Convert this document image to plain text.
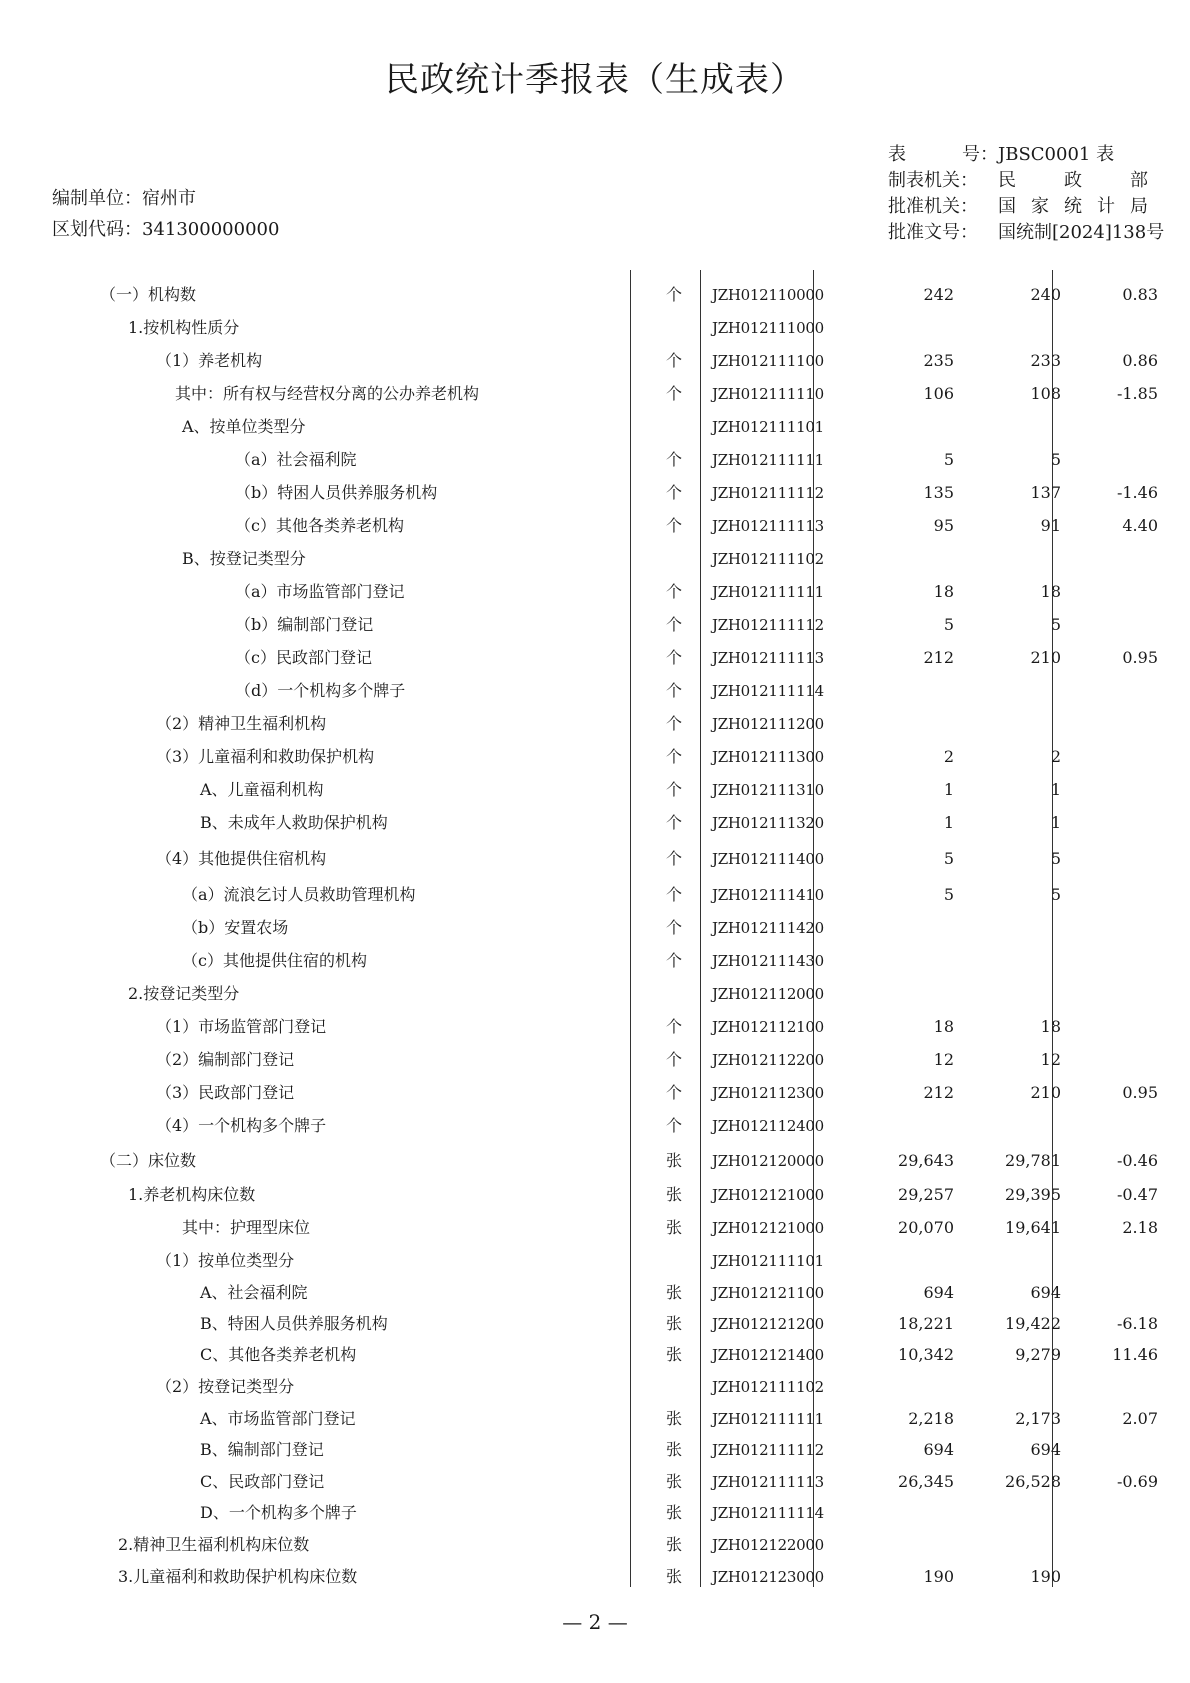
民政统计季报表（生成表）
编制单位：宿州市
区划代码：341300000000
表	号： JBSC0001 表
制表机关：	民	政	部
批准机关：	国 家 统 计 局
批准文号：	国统制[2024]138号
（一）机构数	个 JZH012110000	242	240	0.83
1.按机构性质分	JZH012111000
（1）养老机构	个 JZH012111100	235	233	0.86
其中：所有权与经营权分离的公办养老机构	个 JZH012111110	106	108	-1.85
A、按单位类型分	JZH012111101
（a）社会福利院	个 JZH012111111	5	5
（b）特困人员供养服务机构	个 JZH012111112	135	137	-1.46
（c）其他各类养老机构	个 JZH012111113	95	91	4.40
B、按登记类型分	JZH012111102
（a）市场监管部门登记	个 JZH012111111	18	18
（b）编制部门登记	个 JZH012111112	5	5
（c）民政部门登记	个 JZH012111113	212	210	0.95
（d）一个机构多个牌子	个 JZH012111114
（2）精神卫生福利机构	个 JZH012111200
（3）儿童福利和救助保护机构	个 JZH012111300	2	2
A、儿童福利机构	个 JZH012111310	1	1
B、未成年人救助保护机构	个 JZH012111320	1	1
（4）其他提供住宿机构	个 JZH012111400	5	5
（a）流浪乞讨人员救助管理机构	个 JZH012111410	5	5
（b）安置农场	个 JZH012111420
（c）其他提供住宿的机构	个 JZH012111430
2.按登记类型分	JZH012112000
（1）市场监管部门登记	个 JZH012112100	18	18
（2）编制部门登记	个 JZH012112200	12	12
（3）民政部门登记	个 JZH012112300	212	210	0.95
（4）一个机构多个牌子	个 JZH012112400
（二）床位数	张 JZH012120000	29,643	29,781	-0.46
1.养老机构床位数	张 JZH012121000	29,257	29,395	-0.47
其中：护理型床位	张 JZH012121000	20,070	19,641	2.18
（1）按单位类型分	JZH012111101
A、社会福利院	张 JZH012121100	694	694
B、特困人员供养服务机构	张 JZH012121200	18,221	19,422	-6.18
C、其他各类养老机构	张 JZH012121400	10,342	9,279	11.46
（2）按登记类型分	JZH012111102
A、市场监管部门登记	张 JZH012111111	2,218	2,173	2.07
B、编制部门登记	张 JZH012111112	694	694
C、民政部门登记	张 JZH012111113	26,345	26,528	-0.69
D、一个机构多个牌子	张 JZH012111114
2.精神卫生福利机构床位数	张 JZH012122000
3.儿童福利和救助保护机构床位数	张 JZH012123000	190	190
— 2 —
